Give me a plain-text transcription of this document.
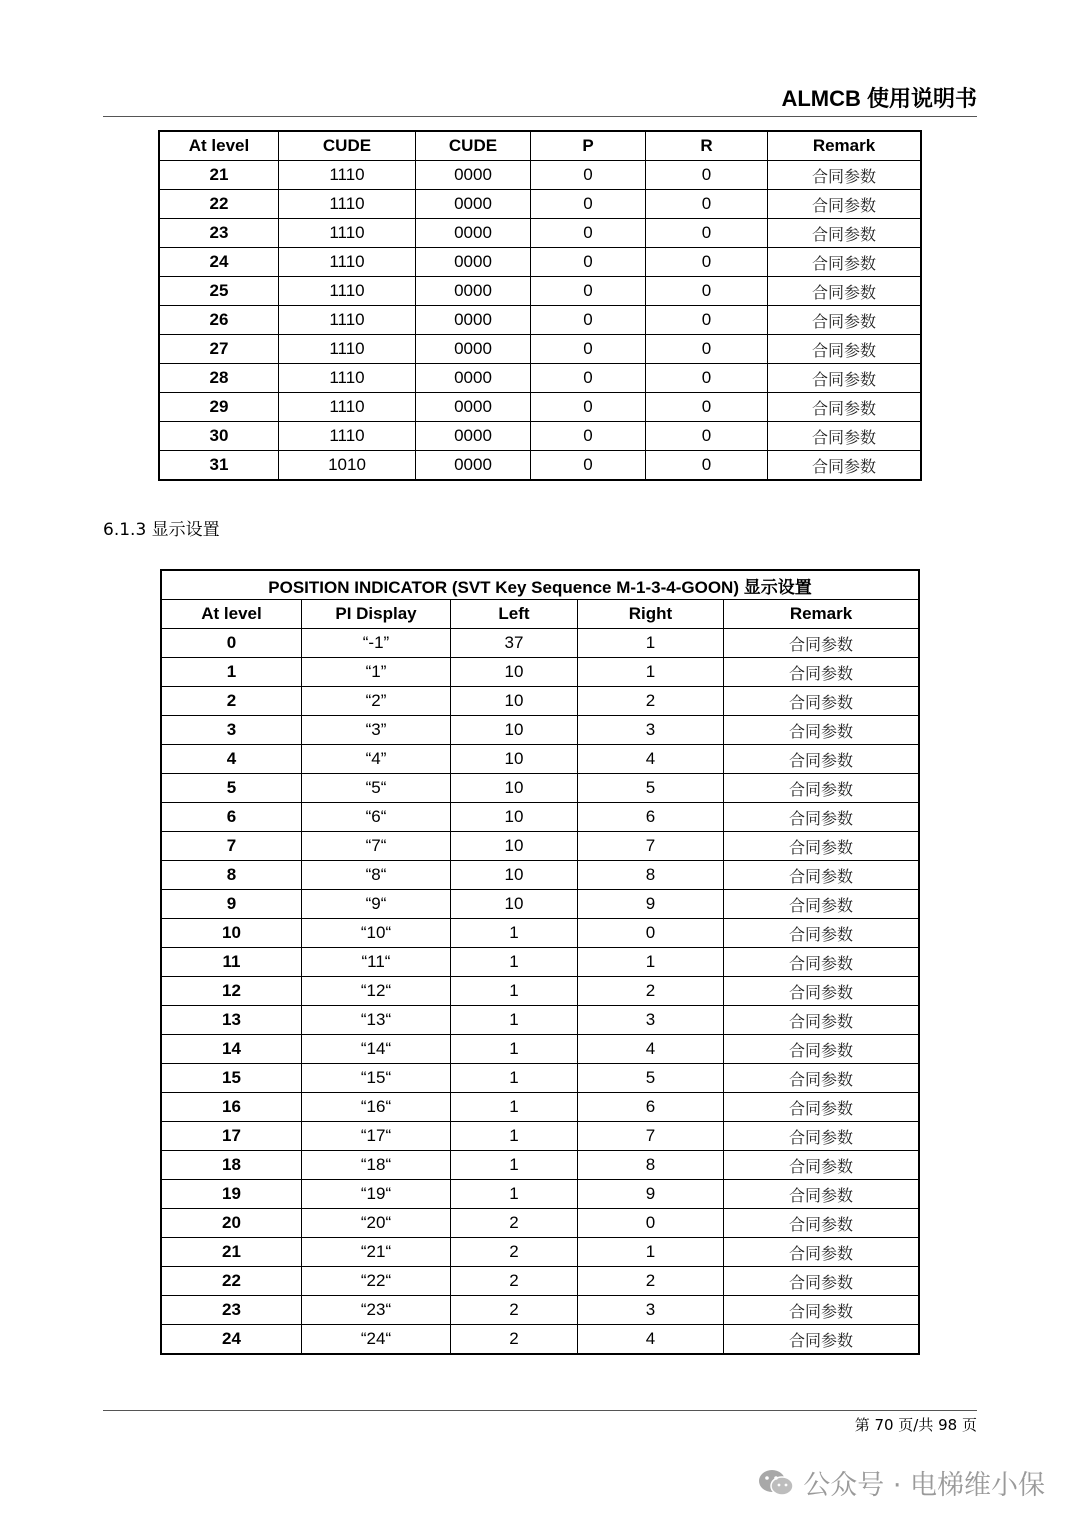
ALMCB 使用说明书
At level	CUDE	CUDE	P	R	Remark
21	1110	0000	0	0	合同参数
22	1110	0000	0	0	合同参数
23	1110	0000	0	0	合同参数
24	1110	0000	0	0	合同参数
25	1110	0000	0	0	合同参数
26	1110	0000	0	0	合同参数
27	1110	0000	0	0	合同参数
28	1110	0000	0	0	合同参数
29	1110	0000	0	0	合同参数
30	1110	0000	0	0	合同参数
31	1010	0000	0	0	合同参数
6.1.3 显示设置
POSITION INDICATOR (SVT Key Sequence M-1-3-4-GOON) 显示设置				
At level	PI Display	Left	Right	Remark
0	“-1”	37	1	合同参数
1	“1”	10	1	合同参数
2	“2”	10	2	合同参数
3	“3”	10	3	合同参数
4	“4”	10	4	合同参数
5	“5“	10	5	合同参数
6	“6“	10	6	合同参数
7	“7“	10	7	合同参数
8	“8“	10	8	合同参数
9	“9“	10	9	合同参数
10	“10“	1	0	合同参数
11	“11“	1	1	合同参数
12	“12“	1	2	合同参数
13	“13“	1	3	合同参数
14	“14“	1	4	合同参数
15	“15“	1	5	合同参数
16	“16“	1	6	合同参数
17	“17“	1	7	合同参数
18	“18“	1	8	合同参数
19	“19“	1	9	合同参数
20	“20“	2	0	合同参数
21	“21“	2	1	合同参数
22	“22“	2	2	合同参数
23	“23“	2	3	合同参数
24	“24“	2	4	合同参数
第 70 页/共 98 页
公众号 · 电梯维小保
